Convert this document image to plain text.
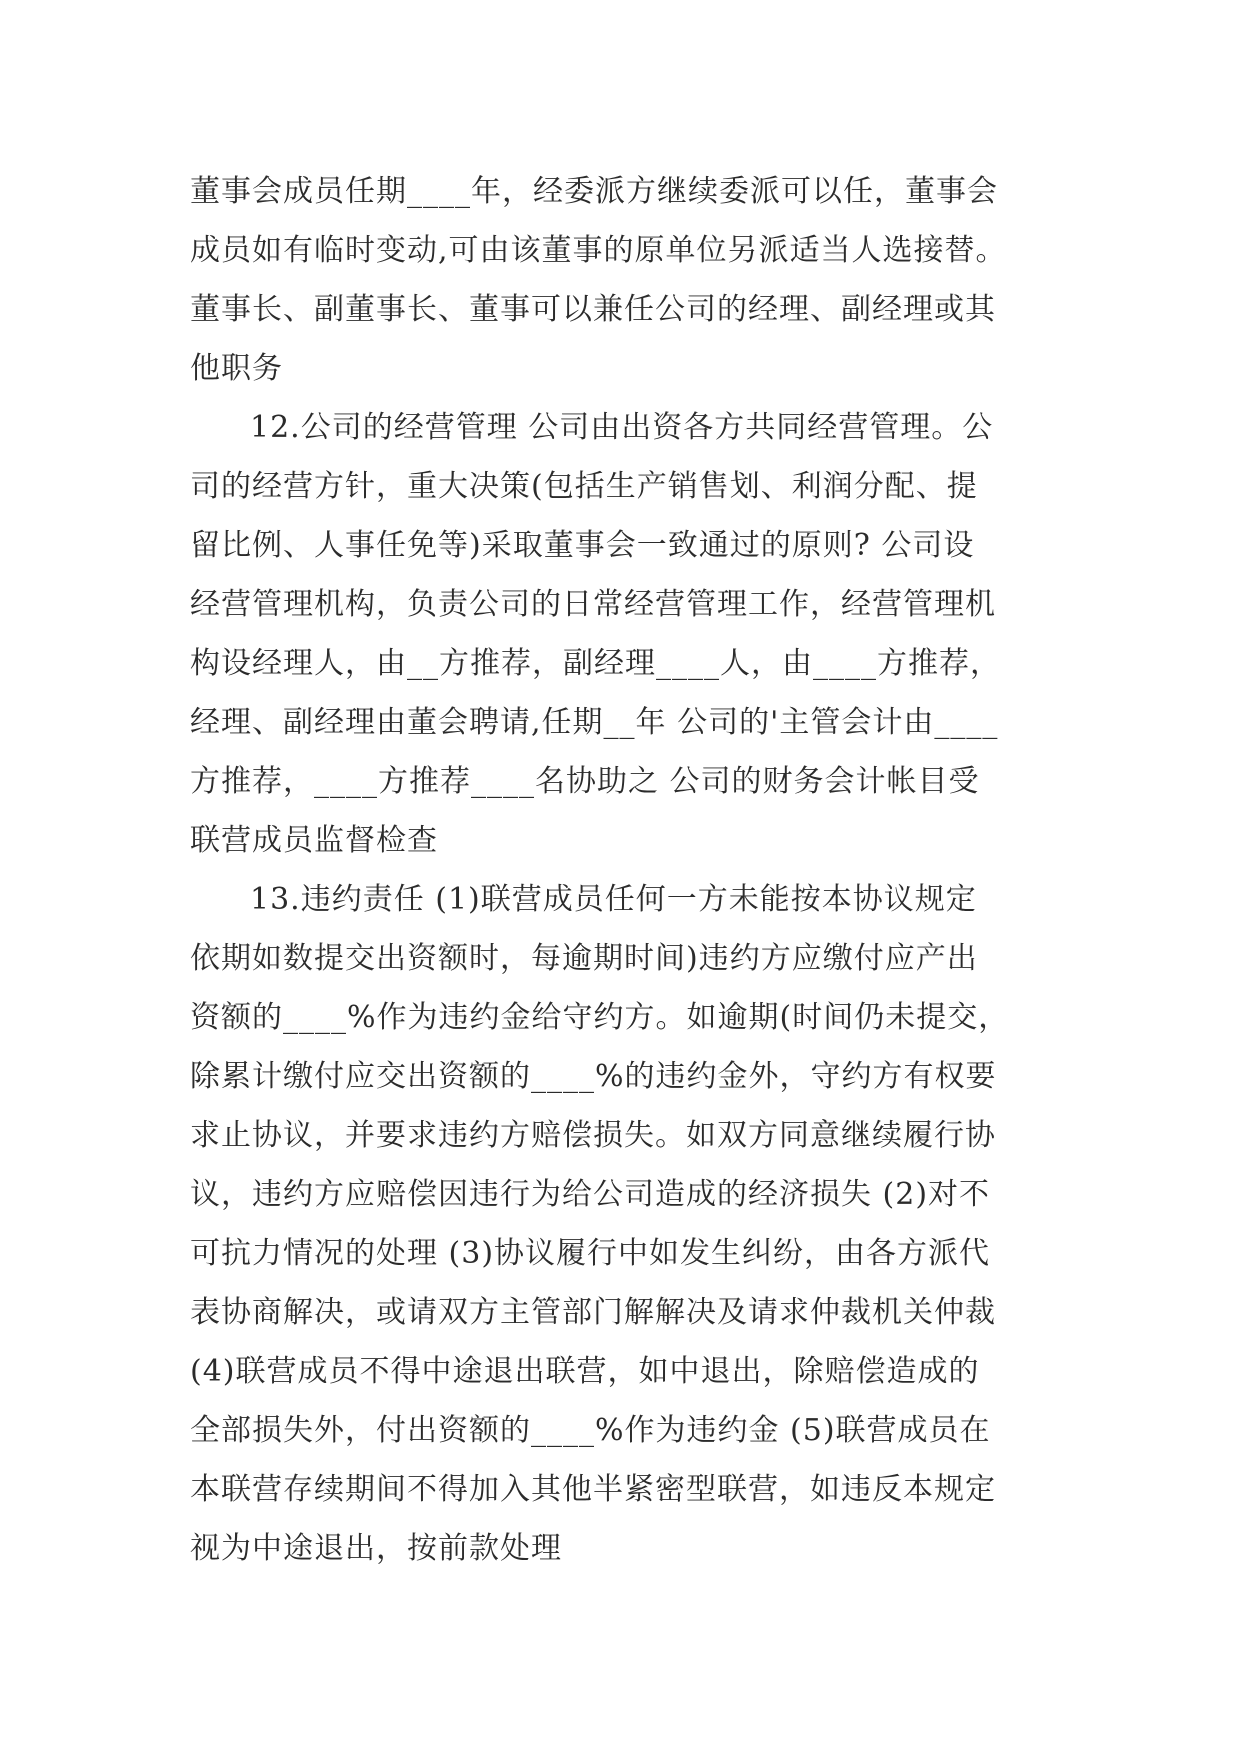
董事会成员任期____年，经委派方继续委派可以任，董事会
成员如有临时变动,可由该董事的原单位另派适当人选接替。
董事长、副董事长、董事可以兼任公司的经理、副经理或其
他职务
12.公司的经营管理 公司由出资各方共同经营管理。公
司的经营方针，重大决策(包括生产销售划、利润分配、提
留比例、人事任免等)采取董事会一致通过的原则? 公司设
经营管理机构，负责公司的日常经营管理工作，经营管理机
构设经理人，由__方推荐，副经理____人，由____方推荐，
经理、副经理由董会聘请,任期__年 公司的'主管会计由____
方推荐，____方推荐____名协助之 公司的财务会计帐目受
联营成员监督检查
13.违约责任 (1)联营成员任何一方未能按本协议规定
依期如数提交出资额时，每逾期时间)违约方应缴付应产出
资额的____%作为违约金给守约方。如逾期(时间仍未提交，
除累计缴付应交出资额的____%的违约金外，守约方有权要
求止协议，并要求违约方赔偿损失。如双方同意继续履行协
议，违约方应赔偿因违行为给公司造成的经济损失 (2)对不
可抗力情况的处理 (3)协议履行中如发生纠纷，由各方派代
表协商解决，或请双方主管部门解解决及请求仲裁机关仲裁
(4)联营成员不得中途退出联营，如中退出，除赔偿造成的
全部损失外，付出资额的____%作为违约金 (5)联营成员在
本联营存续期间不得加入其他半紧密型联营，如违反本规定
视为中途退出，按前款处理
